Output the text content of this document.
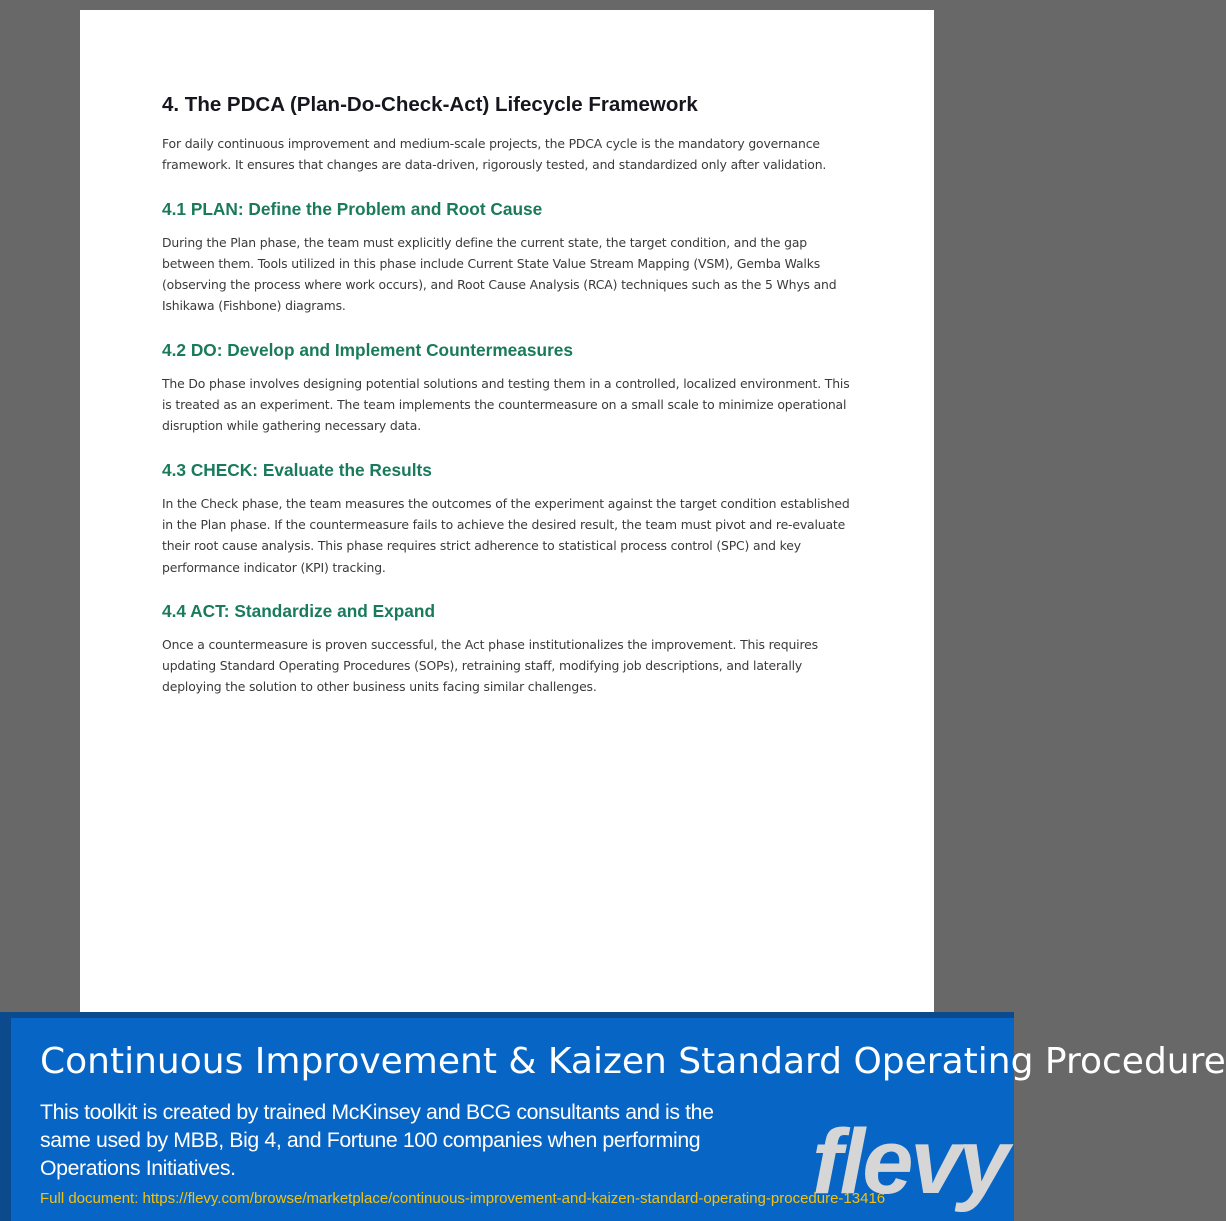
4. The PDCA (Plan-Do-Check-Act) Lifecycle Framework

For daily continuous improvement and medium-scale projects, the PDCA cycle is the mandatory governance framework. It ensures that changes are data-driven, rigorously tested, and standardized only after validation.

4.1 PLAN: Define the Problem and Root Cause

During the Plan phase, the team must explicitly define the current state, the target condition, and the gap between them. Tools utilized in this phase include Current State Value Stream Mapping (VSM), Gemba Walks (observing the process where work occurs), and Root Cause Analysis (RCA) techniques such as the 5 Whys and Ishikawa (Fishbone) diagrams.

4.2 DO: Develop and Implement Countermeasures

The Do phase involves designing potential solutions and testing them in a controlled, localized environment. This is treated as an experiment. The team implements the countermeasure on a small scale to minimize operational disruption while gathering necessary data.

4.3 CHECK: Evaluate the Results

In the Check phase, the team measures the outcomes of the experiment against the target condition established in the Plan phase. If the countermeasure fails to achieve the desired result, the team must pivot and re-evaluate their root cause analysis. This phase requires strict adherence to statistical process control (SPC) and key performance indicator (KPI) tracking.

4.4 ACT: Standardize and Expand

Once a countermeasure is proven successful, the Act phase institutionalizes the improvement. This requires updating Standard Operating Procedures (SOPs), retraining staff, modifying job descriptions, and laterally deploying the solution to other business units facing similar challenges.

Continuous Improvement & Kaizen Standard Operating Procedure
This toolkit is created by trained McKinsey and BCG consultants and is the same used by MBB, Big 4, and Fortune 100 companies when performing Operations Initiatives.
Full document: https://flevy.com/browse/marketplace/continuous-improvement-and-kaizen-standard-operating-procedure-13416
flevy
